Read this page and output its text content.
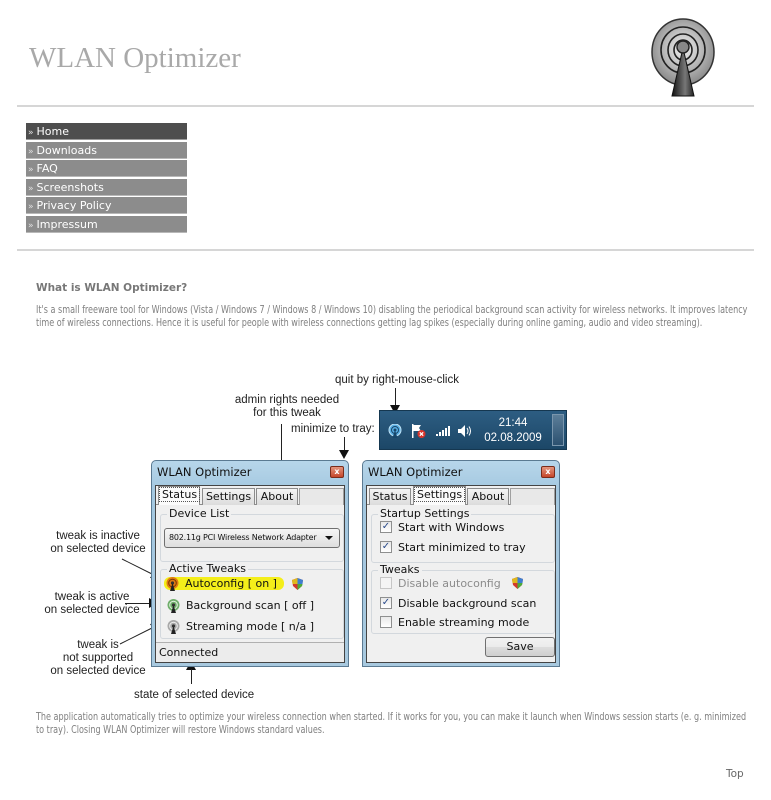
WLAN Optimizer
» Home
» Downloads
» FAQ
» Screenshots
» Privacy Policy
» Impressum
What is WLAN Optimizer?
It's a small freeware tool for Windows (Vista / Windows 7 / Windows 8 / Windows 10) disabling the periodical background scan activity for wireless networks. It improves latency time of wireless connections. Hence it is useful for people with wireless connections getting lag spikes (especially during online gaming, audio and video streaming).
quit by right-mouse-click
admin rights needed
for this tweak
minimize to tray:
tweak is inactive
on selected device
tweak is active
on selected device
tweak is
not supported
on selected device
state of selected device
21:44
02.08.2009
WLAN Optimizer	x
Status Settings About
Device List
802.11g PCI Wireless Network Adapter
Active Tweaks
Autoconfig [ on ]
Background scan [ off ]
Streaming mode [ n/a ]
Connected
WLAN Optimizer	x
Status Settings About
Startup Settings
✓ Start with Windows
✓ Start minimized to tray
Tweaks
Disable autoconfig
✓ Disable background scan
Enable streaming mode
Save
The application automatically tries to optimize your wireless connection when started. If it works for you, you can make it launch when Windows session starts (e. g. minimized to tray). Closing WLAN Optimizer will restore Windows standard values.
Top
